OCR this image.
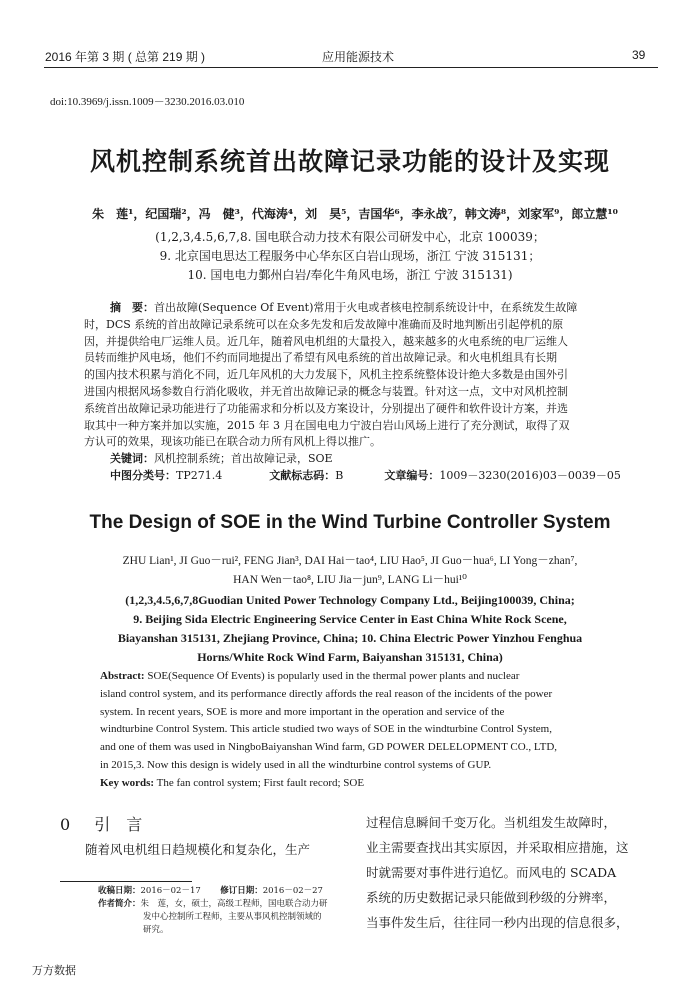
2016 年第 3 期 ( 总第 219 期 )	应用能源技术	39
doi:10.3969/j.issn.1009－3230.2016.03.010
风机控制系统首出故障记录功能的设计及实现
朱　莲¹，纪国瑞²，冯　健³，代海涛⁴，刘　昊⁵，吉国华⁶，李永战⁷，韩文涛⁸，刘家军⁹，郎立慧¹⁰
(1,2,3,4.5,6,7,8. 国电联合动力技术有限公司研发中心，北京 100039；
9. 北京国电思达工程服务中心华东区白岩山现场，浙江 宁波 315131；
10. 国电电力鄞州白岩/奉化牛角风电场，浙江 宁波 315131)
摘　要：首出故障(Sequence Of Event)常用于火电或者核电控制系统设计中，在系统发生故障
时，DCS 系统的首出故障记录系统可以在众多先发和后发故障中准确而及时地判断出引起停机的原
因，并提供给电厂运维人员。近几年，随着风电机组的大量投入，越来越多的火电系统的电厂运维人
员转而维护风电场，他们不约而同地提出了希望有风电系统的首出故障记录。和火电机组具有长期
的国内技术积累与消化不同，近几年风机的大力发展下，风机主控系统整体设计绝大多数是由国外引
进国内根据风场参数自行消化吸收，并无首出故障记录的概念与装置。针对这一点，文中对风机控制
系统首出故障记录功能进行了功能需求和分析以及方案设计，分别提出了硬件和软件设计方案，并选
取其中一种方案并加以实施，2015 年 3 月在国电电力宁波白岩山风场上进行了充分测试，取得了双
方认可的效果，现该功能已在联合动力所有风机上得以推广。
关键词：风机控制系统；首出故障记录，SOE
中图分类号：TP271.4	文献标志码：B	文章编号：1009－3230(2016)03－0039－05
The Design of SOE in the Wind Turbine Controller System
ZHU Lian¹, JI Guo－rui², FENG Jian³, DAI Hai－tao⁴, LIU Hao⁵, JI Guo－hua⁶, LI Yong－zhan⁷,
HAN Wen－tao⁸, LIU Jia－jun⁹, LANG Li－hui¹⁰
(1,2,3,4.5,6,7,8Guodian United Power Technology Company Ltd., Beijing100039, China;
9. Beijing Sida Electric Engineering Service Center in East China White Rock Scene,
Biayanshan 315131, Zhejiang Province, China; 10. China Electric Power Yinzhou Fenghua
Horns/White Rock Wind Farm, Baiyanshan 315131, China)
Abstract: SOE(Sequence Of Events) is popularly used in the thermal power plants and nuclear
island control system, and its performance directly affords the real reason of the incidents of the power
system. In recent years, SOE is more and more important in the operation and service of the
windturbine Control System. This article studied two ways of SOE in the windturbine Control System,
and one of them was used in NingboBaiyanshan Wind farm, GD POWER DELELOPMENT CO., LTD,
in 2015,3. Now this design is widely used in all the windturbine control systems of GUP.
Key words: The fan control system; First fault record; SOE
0 引　言
随着风电机组日趋规模化和复杂化，生产
收稿日期：2016－02－17 修订日期：2016－02－27
作者简介：朱　莲，女，硕士，高级工程师，国电联合动力研
发中心控制所工程师，主要从事风机控制领域的
研究。
过程信息瞬间千变万化。当机组发生故障时，
业主需要查找出其实原因，并采取相应措施，这
时就需要对事件进行追忆。而风电的 SCADA
系统的历史数据记录只能做到秒级的分辨率，
当事件发生后，往往同一秒内出现的信息很多，
万方数据
